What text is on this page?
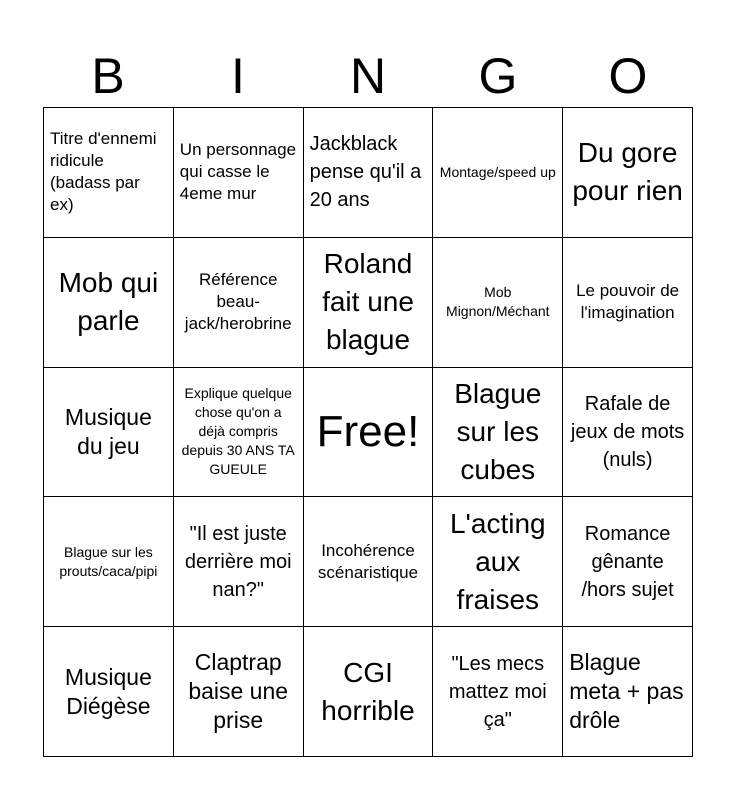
B	I	N	G	O
Titre d'ennemi ridicule (badass par ex)
Un personnage qui casse le 4eme mur
Jackblack pense qu'il a 20 ans
Montage/speed up
Du gore pour rien
Mob qui parle
Référence beau-jack/herobrine
Roland fait une blague
Mob Mignon/Méchant
Le pouvoir de l'imagination
Musique du jeu
Explique quelque chose qu'on a déjà compris depuis 30 ANS TA GUEULE
Free!
Blague sur les cubes
Rafale de jeux de mots (nuls)
Blague sur les prouts/caca/pipi
"Il est juste derrière moi nan?"
Incohérence scénaristique
L'acting aux fraises
Romance gênante /hors sujet
Musique Diégèse
Claptrap baise une prise
CGI horrible
"Les mecs mattez moi ça"
Blague meta + pas drôle
